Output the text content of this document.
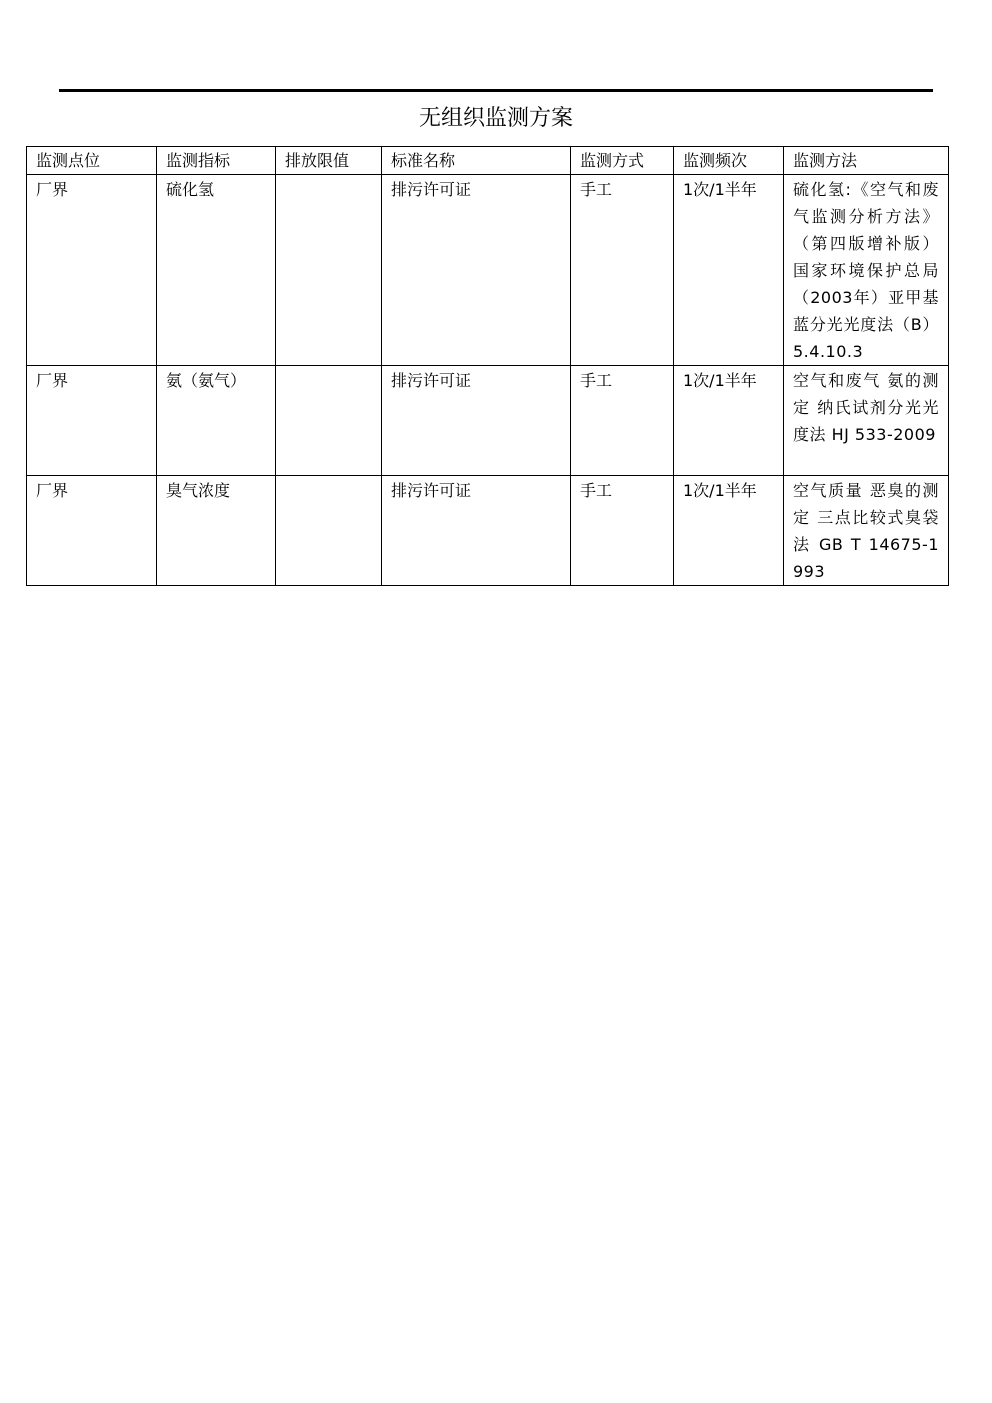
无组织监测方案
监测点位	监测指标	排放限值	标准名称	监测方式	监测频次	监测方法
厂界	硫化氢		排污许可证	手工	1次/1半年	硫化氢:《空气和废气监测分析方法》（第四版增补版）国家环境保护总局（2003年）亚甲基蓝分光光度法（B）5.4.10.3
厂界	氨（氨气）		排污许可证	手工	1次/1半年	空气和废气 氨的测定 纳氏试剂分光光度法 HJ 533-2009
厂界	臭气浓度		排污许可证	手工	1次/1半年	空气质量 恶臭的测定 三点比较式臭袋法 GB T 14675-1993
